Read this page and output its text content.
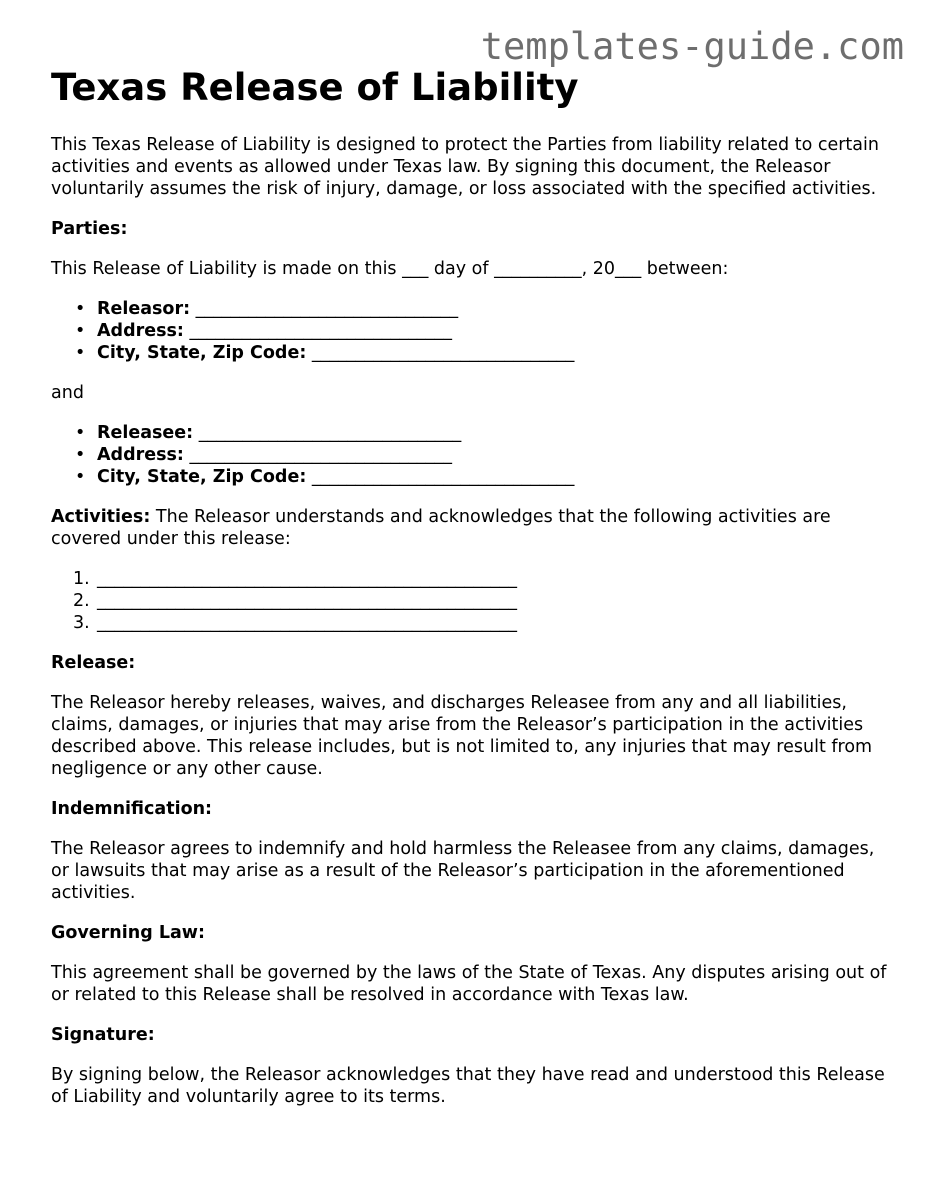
templates-guide.com
Texas Release of Liability

This Texas Release of Liability is designed to protect the Parties from liability related to certain activities and events as allowed under Texas law. By signing this document, the Releasor voluntarily assumes the risk of injury, damage, or loss associated with the specified activities.

Parties:

This Release of Liability is made on this ___ day of __________, 20___ between:

• Releasor: ______________________________
• Address: ______________________________
• City, State, Zip Code: ______________________________

and

• Releasee: ______________________________
• Address: ______________________________
• City, State, Zip Code: ______________________________

Activities: The Releasor understands and acknowledges that the following activities are covered under this release:

1. ________________________________________________
2. ________________________________________________
3. ________________________________________________

Release:

The Releasor hereby releases, waives, and discharges Releasee from any and all liabilities, claims, damages, or injuries that may arise from the Releasor’s participation in the activities described above. This release includes, but is not limited to, any injuries that may result from negligence or any other cause.

Indemnification:

The Releasor agrees to indemnify and hold harmless the Releasee from any claims, damages, or lawsuits that may arise as a result of the Releasor’s participation in the aforementioned activities.

Governing Law:

This agreement shall be governed by the laws of the State of Texas. Any disputes arising out of or related to this Release shall be resolved in accordance with Texas law.

Signature:

By signing below, the Releasor acknowledges that they have read and understood this Release of Liability and voluntarily agree to its terms.
